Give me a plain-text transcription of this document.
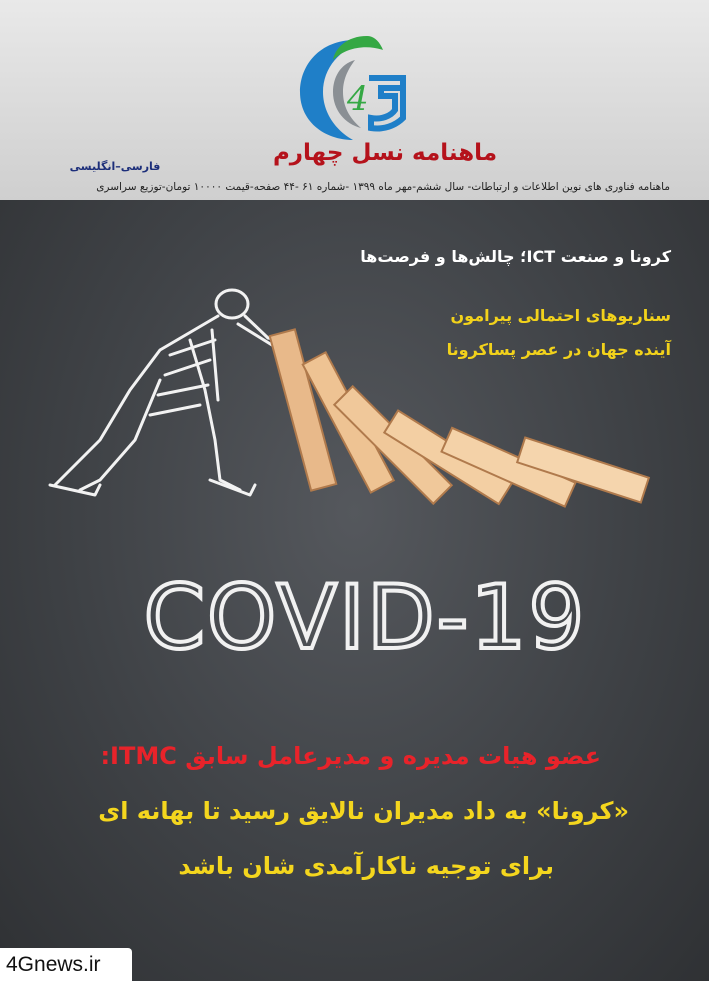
4
ماهنامه نسل چهارم
فارسی–انگلیسی
ماهنامه فناوری های نوین اطلاعات و ارتباطات- سال ششم-مهر ماه ۱۳۹۹ -شماره ۶۱ -۴۴ صفحه-قیمت ۱۰۰۰۰ تومان-توزیع سراسری
کرونا و صنعت ICT؛ چالش‌ها و فرصت‌ها
سناریوهای احتمالی پیرامون
آینده جهان در عصر پساکرونا
COVID-19
عضو هیات مدیره و مدیرعامل سابق ITMC:
«کرونا» به داد مدیران نالایق رسید تا بهانه ای
برای توجیه ناکارآمدی شان باشد
4Gnews.ir
